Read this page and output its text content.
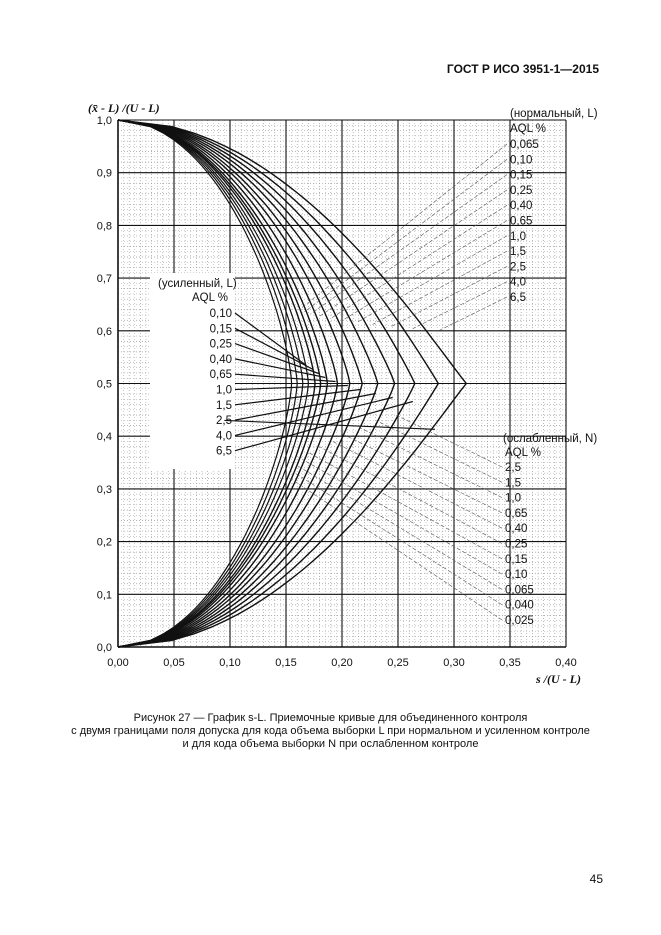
ГОСТ Р ИСО 3951-1—2015
0,00	0,05	0,10	0,15	0,20	0,25	0,30	0,35	0,40
0,0
0,1
0,2
0,3
0,4
0,5
0,6
0,7
0,8
0,9
1,0
(нормальный, L)
AQL %
0,065
0,10
0,15
0,25
0,40
0,65
1,0
1,5
2,5
4,0
6,5
(усиленный, L)
AQL %
0,10
0,15
0,25
0,40
0,65
1,0
1,5
2,5
4,0
6,5
(ослабленный, N)
AQL %
2,5
1,5
1,0
0,65
0,40
0,25
0,15
0,10
0,065
0,040
0,025
(x̄ - L) /(U - L)
s /(U - L)
Рисунок 27 — График s-L. Приемочные кривые для объединенного контроля
с двумя границами поля допуска для кода объема выборки L при нормальном и усиленном контроле
и для кода объема выборки N при ослабленном контроле
45
